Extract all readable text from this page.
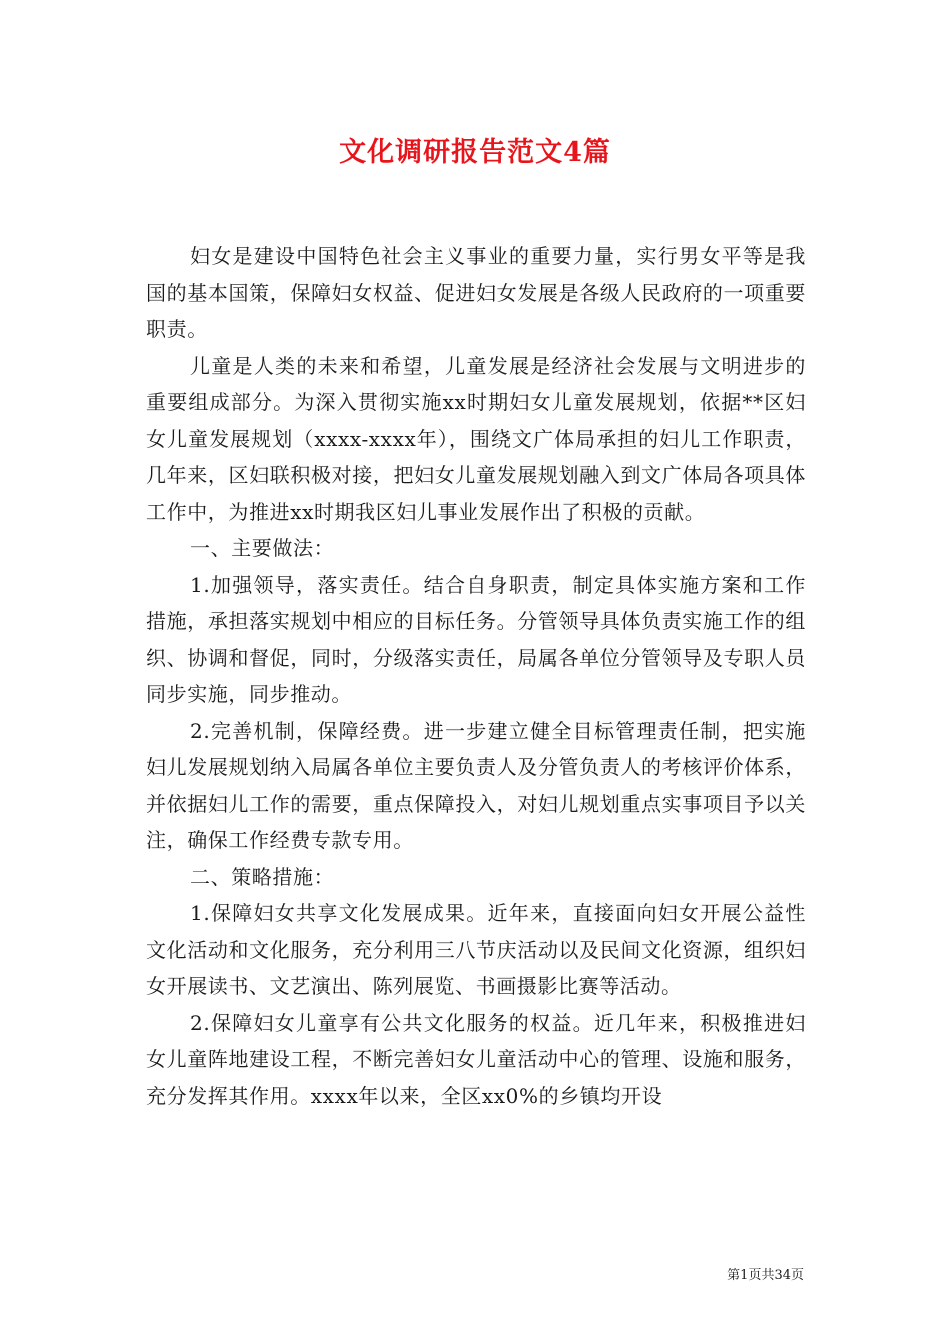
文化调研报告范文4篇

妇女是建设中国特色社会主义事业的重要力量，实行男女平等是我国的基本国策，保障妇女权益、促进妇女发展是各级人民政府的一项重要职责。

儿童是人类的未来和希望，儿童发展是经济社会发展与文明进步的重要组成部分。为深入贯彻实施xx时期妇女儿童发展规划，依据**区妇女儿童发展规划（xxxx-xxxx年），围绕文广体局承担的妇儿工作职责，几年来，区妇联积极对接，把妇女儿童发展规划融入到文广体局各项具体工作中，为推进xx时期我区妇儿事业发展作出了积极的贡献。

一、主要做法：

1.加强领导，落实责任。结合自身职责，制定具体实施方案和工作措施，承担落实规划中相应的目标任务。分管领导具体负责实施工作的组织、协调和督促，同时，分级落实责任，局属各单位分管领导及专职人员同步实施，同步推动。

2.完善机制，保障经费。进一步建立健全目标管理责任制，把实施妇儿发展规划纳入局属各单位主要负责人及分管负责人的考核评价体系，并依据妇儿工作的需要，重点保障投入，对妇儿规划重点实事项目予以关注，确保工作经费专款专用。

二、策略措施：

1.保障妇女共享文化发展成果。近年来，直接面向妇女开展公益性文化活动和文化服务，充分利用三八节庆活动以及民间文化资源，组织妇女开展读书、文艺演出、陈列展览、书画摄影比赛等活动。

2.保障妇女儿童享有公共文化服务的权益。近几年来，积极推进妇女儿童阵地建设工程，不断完善妇女儿童活动中心的管理、设施和服务，充分发挥其作用。xxxx年以来，全区xx0%的乡镇均开设

第1页共34页
